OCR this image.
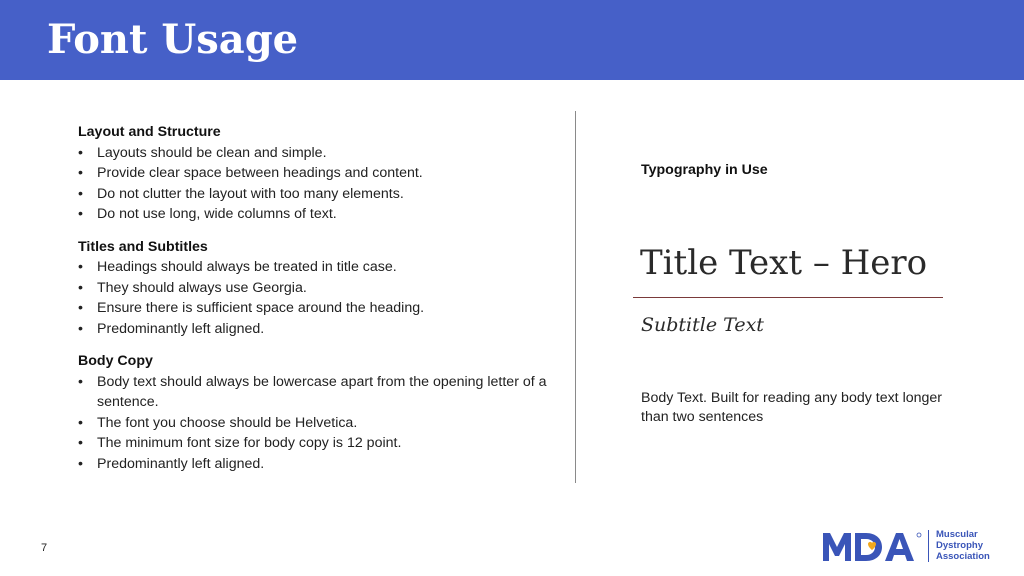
Font Usage

Layout and Structure

• Layouts should be clean and simple.
• Provide clear space between headings and content.
• Do not clutter the layout with too many elements.
• Do not use long, wide columns of text.

Titles and Subtitles

• Headings should always be treated in title case.
• They should always use Georgia.
• Ensure there is sufficient space around the heading.
• Predominantly left aligned.

Body Copy

• Body text should always be lowercase apart from the opening letter of a sentence.
• The font you choose should be Helvetica.
• The minimum font size for body copy is 12 point.
• Predominantly left aligned.

Typography in Use

Title Text – Hero

Subtitle Text

Body Text. Built for reading any body text longer than two sentences

7
Muscular
Dystrophy
Association
